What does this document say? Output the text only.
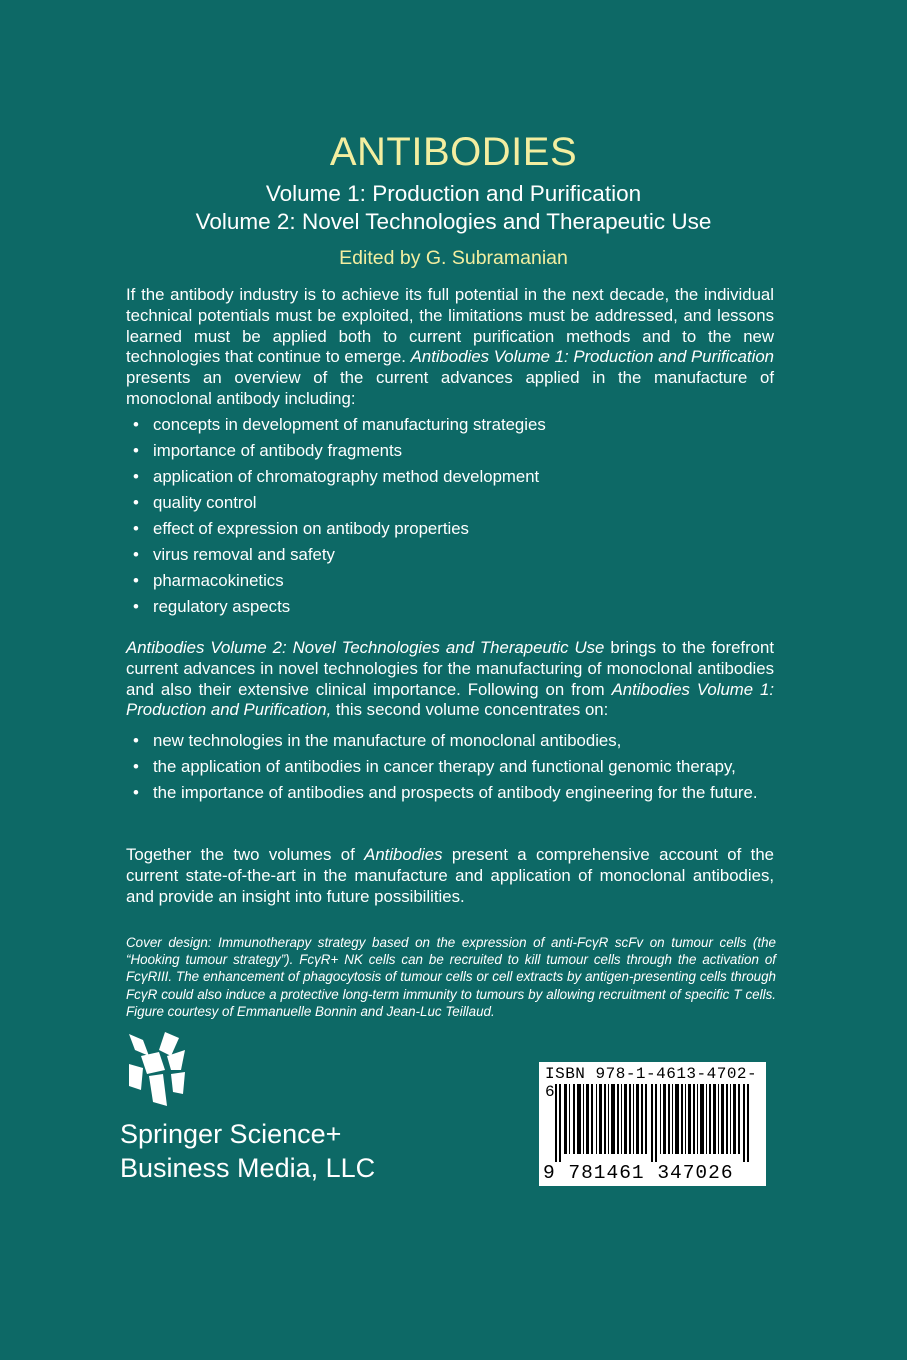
ANTIBODIES
Volume 1: Production and Purification
Volume 2: Novel Technologies and Therapeutic Use
Edited by G. Subramanian
If the antibody industry is to achieve its full potential in the next decade, the individual technical potentials must be exploited, the limitations must be addressed, and lessons learned must be applied both to current purification methods and to the new technologies that continue to emerge. Antibodies Volume 1: Production and Purification presents an overview of the current advances applied in the manufacture of monoclonal antibody including:
• concepts in development of manufacturing strategies
• importance of antibody fragments
• application of chromatography method development
• quality control
• effect of expression on antibody properties
• virus removal and safety
• pharmacokinetics
• regulatory aspects
Antibodies Volume 2: Novel Technologies and Therapeutic Use brings to the forefront current advances in novel technologies for the manufacturing of monoclonal antibodies and also their extensive clinical importance. Following on from Antibodies Volume 1: Production and Purification, this second volume concentrates on:
• new technologies in the manufacture of monoclonal antibodies,
• the application of antibodies in cancer therapy and functional genomic therapy,
• the importance of antibodies and prospects of antibody engineering for the future.
Together the two volumes of Antibodies present a comprehensive account of the current state-of-the-art in the manufacture and application of monoclonal antibodies, and provide an insight into future possibilities.
Cover design: Immunotherapy strategy based on the expression of anti-FcγR scFv on tumour cells (the “Hooking tumour strategy”). FcγR+ NK cells can be recruited to kill tumour cells through the activation of FcγRIII. The enhancement of phagocytosis of tumour cells or cell extracts by antigen-presenting cells through FcγR could also induce a protective long-term immunity to tumours by allowing recruitment of specific T cells. Figure courtesy of Emmanuelle Bonnin and Jean-Luc Teillaud.
Springer Science+
Business Media, LLC
ISBN 978-1-4613-4702-6
9 781461 347026
